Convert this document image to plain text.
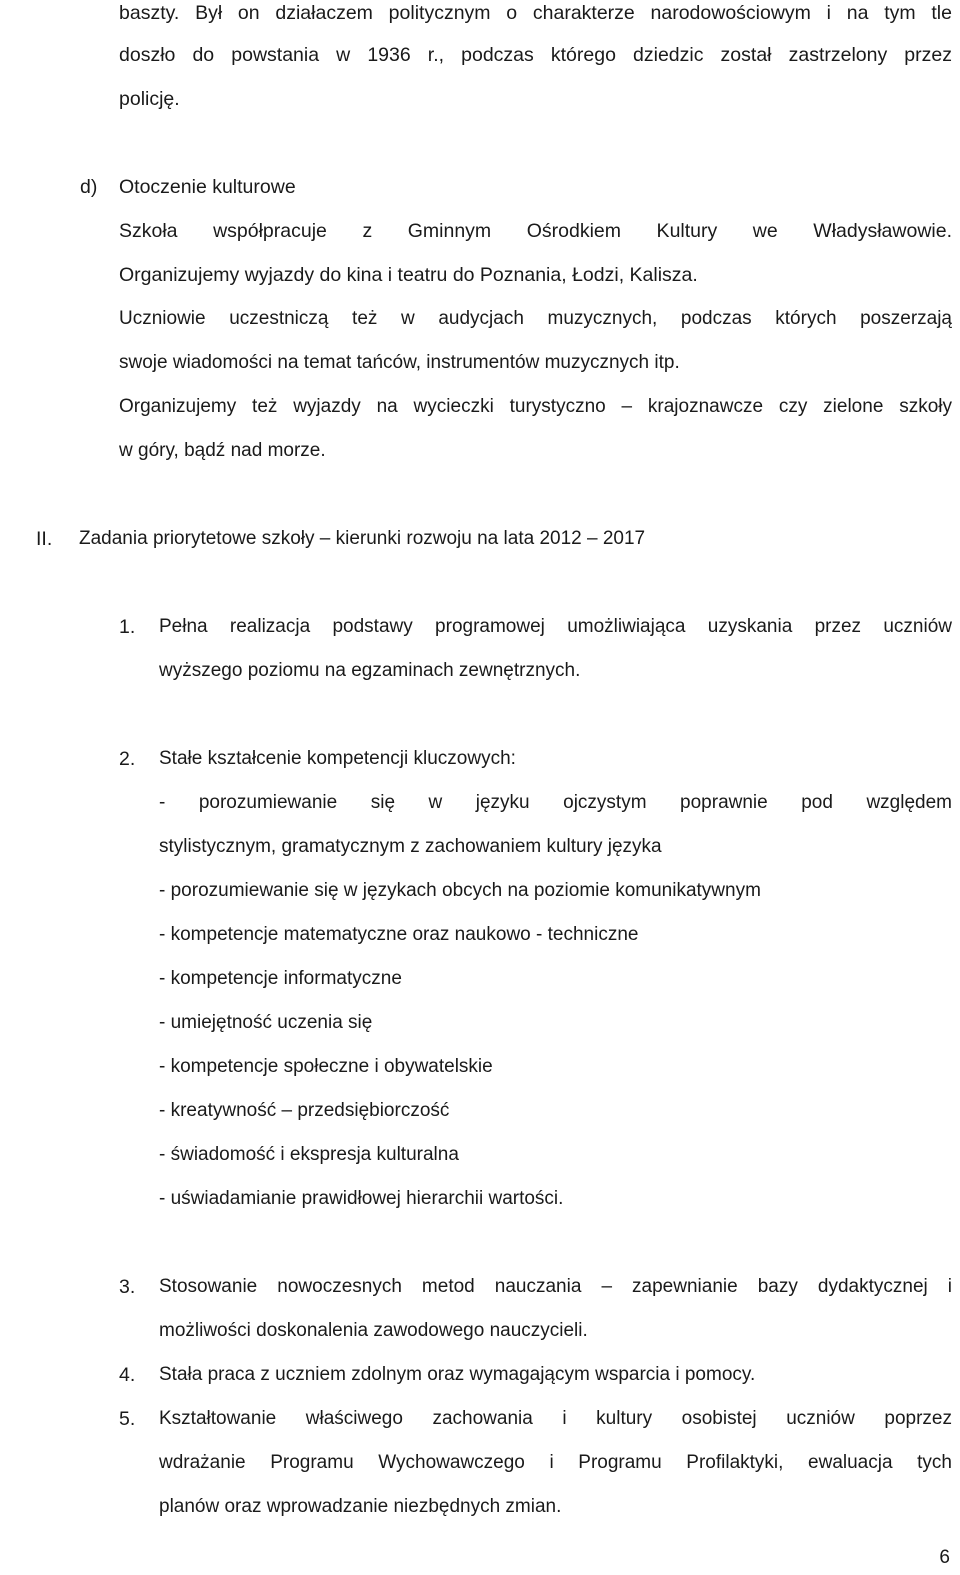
baszty. Był on działaczem politycznym o charakterze narodowościowym i na tym tle

doszło do powstania w 1936 r., podczas którego dziedzic został zastrzelony przez

policję.

d) Otoczenie kulturowe

Szkoła współpracuje z Gminnym Ośrodkiem Kultury we Władysławowie.

Organizujemy wyjazdy do kina i teatru do Poznania, Łodzi, Kalisza.

Uczniowie uczestniczą też w audycjach muzycznych, podczas których poszerzają

swoje wiadomości na temat tańców, instrumentów muzycznych itp.

Organizujemy też wyjazdy na wycieczki turystyczno – krajoznawcze czy zielone szkoły

w góry, bądź nad morze.

II. Zadania priorytetowe szkoły – kierunki rozwoju na lata 2012 – 2017

1. Pełna realizacja podstawy programowej umożliwiająca uzyskania przez uczniów

wyższego poziomu na egzaminach zewnętrznych.

2. Stałe kształcenie kompetencji kluczowych:

- porozumiewanie się w języku ojczystym poprawnie pod względem

stylistycznym, gramatycznym z zachowaniem kultury języka

- porozumiewanie się w językach obcych na poziomie komunikatywnym

- kompetencje matematyczne oraz naukowo - techniczne

- kompetencje informatyczne

- umiejętność uczenia się

- kompetencje społeczne i obywatelskie

- kreatywność – przedsiębiorczość

- świadomość i ekspresja kulturalna

- uświadamianie prawidłowej hierarchii wartości.

3. Stosowanie nowoczesnych metod nauczania – zapewnianie bazy dydaktycznej i

możliwości doskonalenia zawodowego nauczycieli.

4. Stała praca z uczniem zdolnym oraz wymagającym wsparcia i pomocy.

5. Kształtowanie właściwego zachowania i kultury osobistej uczniów poprzez

wdrażanie Programu Wychowawczego i Programu Profilaktyki, ewaluacja tych

planów oraz wprowadzanie niezbędnych zmian.

6
